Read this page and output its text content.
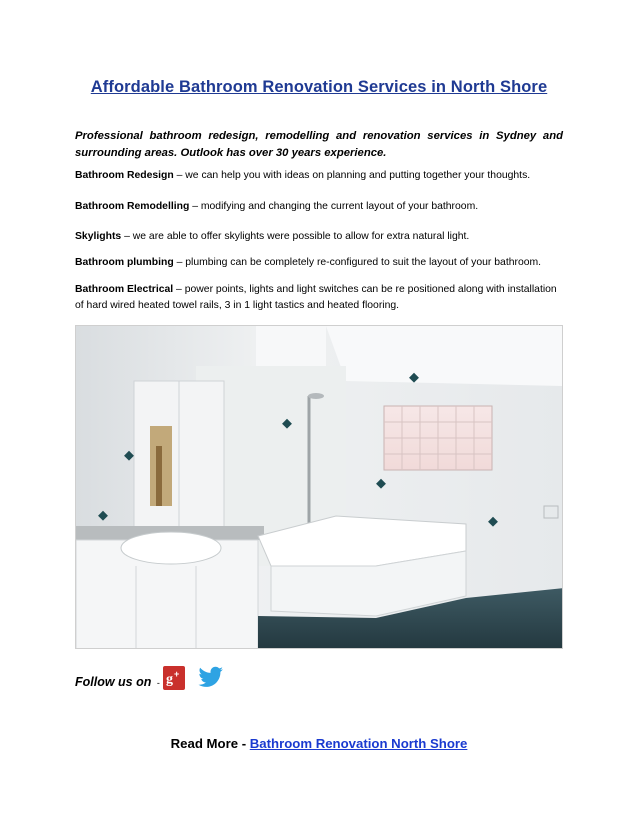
Affordable Bathroom Renovation Services in North Shore
Professional bathroom redesign, remodelling and renovation services in Sydney and surrounding areas. Outlook has over 30 years experience.
Bathroom Redesign – we can help you with ideas on planning and putting together your thoughts.
Bathroom Remodelling – modifying and changing the current layout of your bathroom.
Skylights – we are able to offer skylights were possible to allow for extra natural light.
Bathroom plumbing – plumbing can be completely re-configured to suit the layout of your bathroom.
Bathroom Electrical – power points, lights and light switches can be re positioned along with installation of hard wired heated towel rails, 3 in 1 light tastics and heated flooring.
Follow us on - g +
Read More - Bathroom Renovation North Shore
